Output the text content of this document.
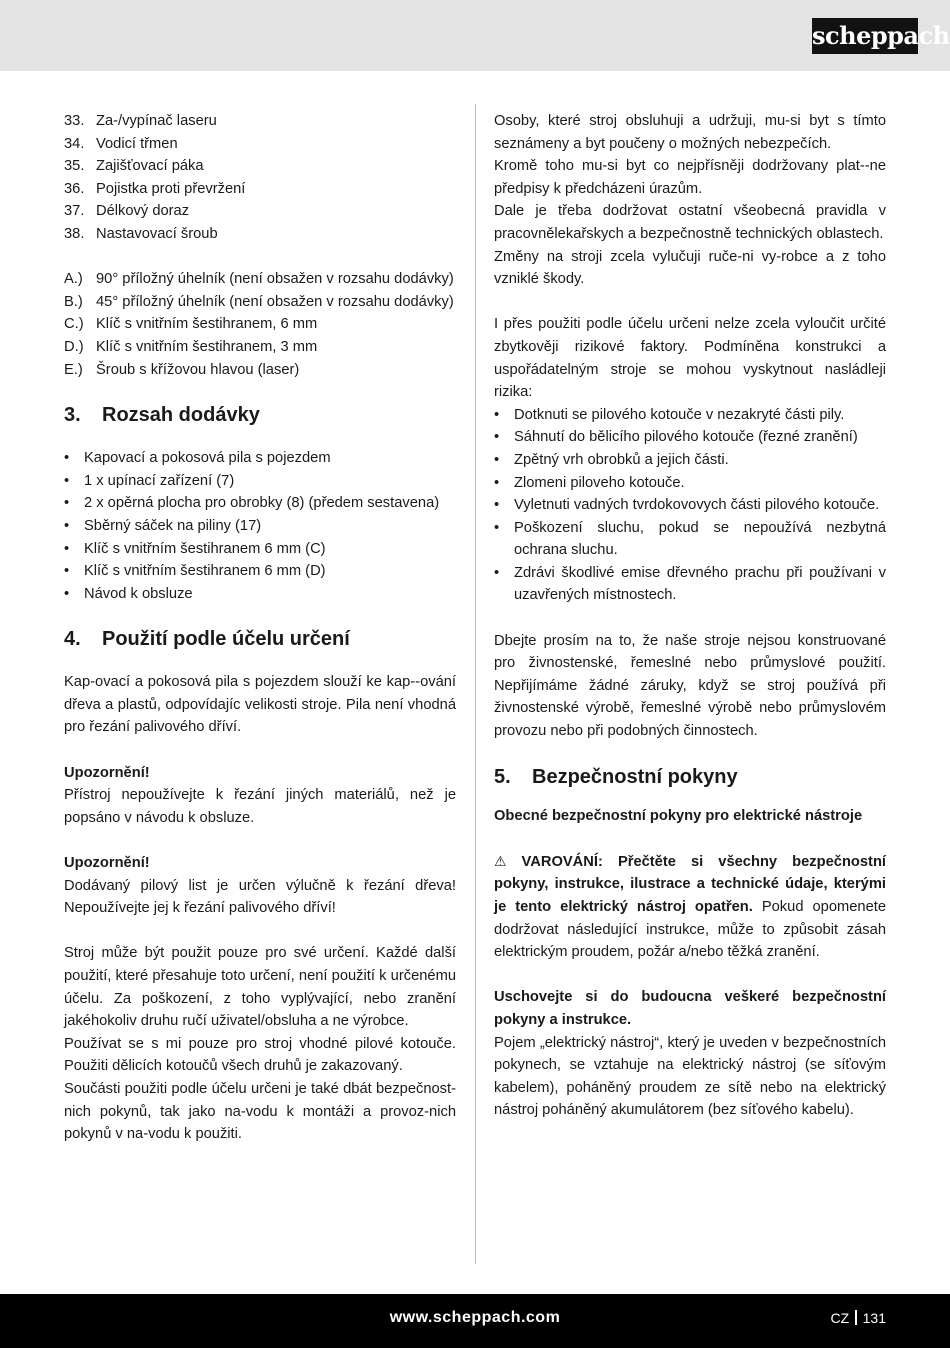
scheppach
33. Za-/vypínač laseru
34. Vodicí třmen
35. Zajišťovací páka
36. Pojistka proti převržení
37. Délkový doraz
38. Nastavovací šroub
A.) 90° příložný úhelník (není obsažen v rozsahu dodávky)
B.) 45° příložný úhelník (není obsažen v rozsahu dodávky)
C.) Klíč s vnitřním šestihranem, 6 mm
D.) Klíč s vnitřním šestihranem, 3 mm
E.) Šroub s křížovou hlavou (laser)
3.	Rozsah dodávky
• Kapovací a pokosová pila s pojezdem
• 1 x upínací zařízení (7)
• 2 x opěrná plocha pro obrobky (8) (předem sestavena)
• Sběrný sáček na piliny (17)
• Klíč s vnitřním šestihranem 6 mm (C)
• Klíč s vnitřním šestihranem 6 mm (D)
• Návod k obsluze
4.	Použití podle účelu určení

Kap-ovací a pokosová pila s pojezdem slouží ke kap--ování dřeva a plastů, odpovídajíc velikosti stroje. Pila není vhodná pro řezání palivového dříví.

Upozornění!

Přístroj nepoužívejte k řezání jiných materiálů, než je popsáno v návodu k obsluze.

Upozornění!

Dodávaný pilový list je určen výlučně k řezání dřeva! Nepoužívejte jej k řezání palivového dříví!

Stroj může být použit pouze pro své určení. Každé další použití, které přesahuje toto určení, není použití k určenému účelu. Za poškození, z toho vyplývající, nebo zranění jakéhokoliv druhu ručí uživatel/obsluha a ne výrobce.

Používat se s mi pouze pro stroj vhodné pilové kotouče. Použiti dělicích kotoučů všech druhů je zakazovaný.

Součásti použiti podle účelu určeni je také dbát bezpečnost-nich pokynů, tak jako na-vodu k montáži a provoz-nich pokynů v na-vodu k použiti.

Osoby, které stroj obsluhuji a udržuji, mu-si byt s tímto seznámeny a byt poučeny o možných nebezpečích.

Kromě toho mu-si byt co nejpřísněji dodržovany plat--ne předpisy k předcházeni úrazům.

Dale je třeba dodržovat ostatní všeobecná pravidla v pracovnělekařskych a bezpečnostně technických oblastech.

Změny na stroji zcela vylučuji ruče-ni vy-robce a z toho vzniklé škody.

I přes použiti podle účelu určeni nelze zcela vyloučit určité zbytkověji rizikové faktory. Podmíněna konstrukci a uspořádatelným stroje se mohou vyskytnout nasládleji rizika:

• Dotknuti se pilového kotouče v nezakryté části pily.
• Sáhnutí do bělicího pilového kotouče (řezné zranění)
• Zpětný vrh obrobků a jejich části.
• Zlomeni piloveho kotouče.
• Vyletnuti vadných tvrdokovovych části pilového kotouče.
• Poškození sluchu, pokud se nepoužívá nezbytná ochrana sluchu.
• Zdrávi škodlivé emise dřevného prachu při používani v uzavřených místnostech.

Dbejte prosím na to, že naše stroje nejsou konstruované pro živnostenské, řemeslné nebo průmyslové použití. Nepřijímáme žádné záruky, když se stroj používá při živnostenské výrobě, řemeslné výrobě nebo průmyslovém provozu nebo při podobných činnostech.

5.	Bezpečnostní pokyny

Obecné bezpečnostní pokyny pro elektrické nástroje

⚠ VAROVÁNÍ: Přečtěte si všechny bezpečnostní pokyny, instrukce, ilustrace a technické údaje, kterými je tento elektrický nástroj opatřen. Pokud opomenete dodržovat následující instrukce, může to způsobit zásah elektrickým proudem, požár a/nebo těžká zranění.

Uschovejte si do budoucna veškeré bezpečnostní pokyny a instrukce.

Pojem „elektrický nástroj“, který je uveden v bezpečnostních pokynech, se vztahuje na elektrický nástroj (se síťovým kabelem), poháněný proudem ze sítě nebo na elektrický nástroj poháněný akumulátorem (bez síťového kabelu).

www.scheppach.com	CZ 131
